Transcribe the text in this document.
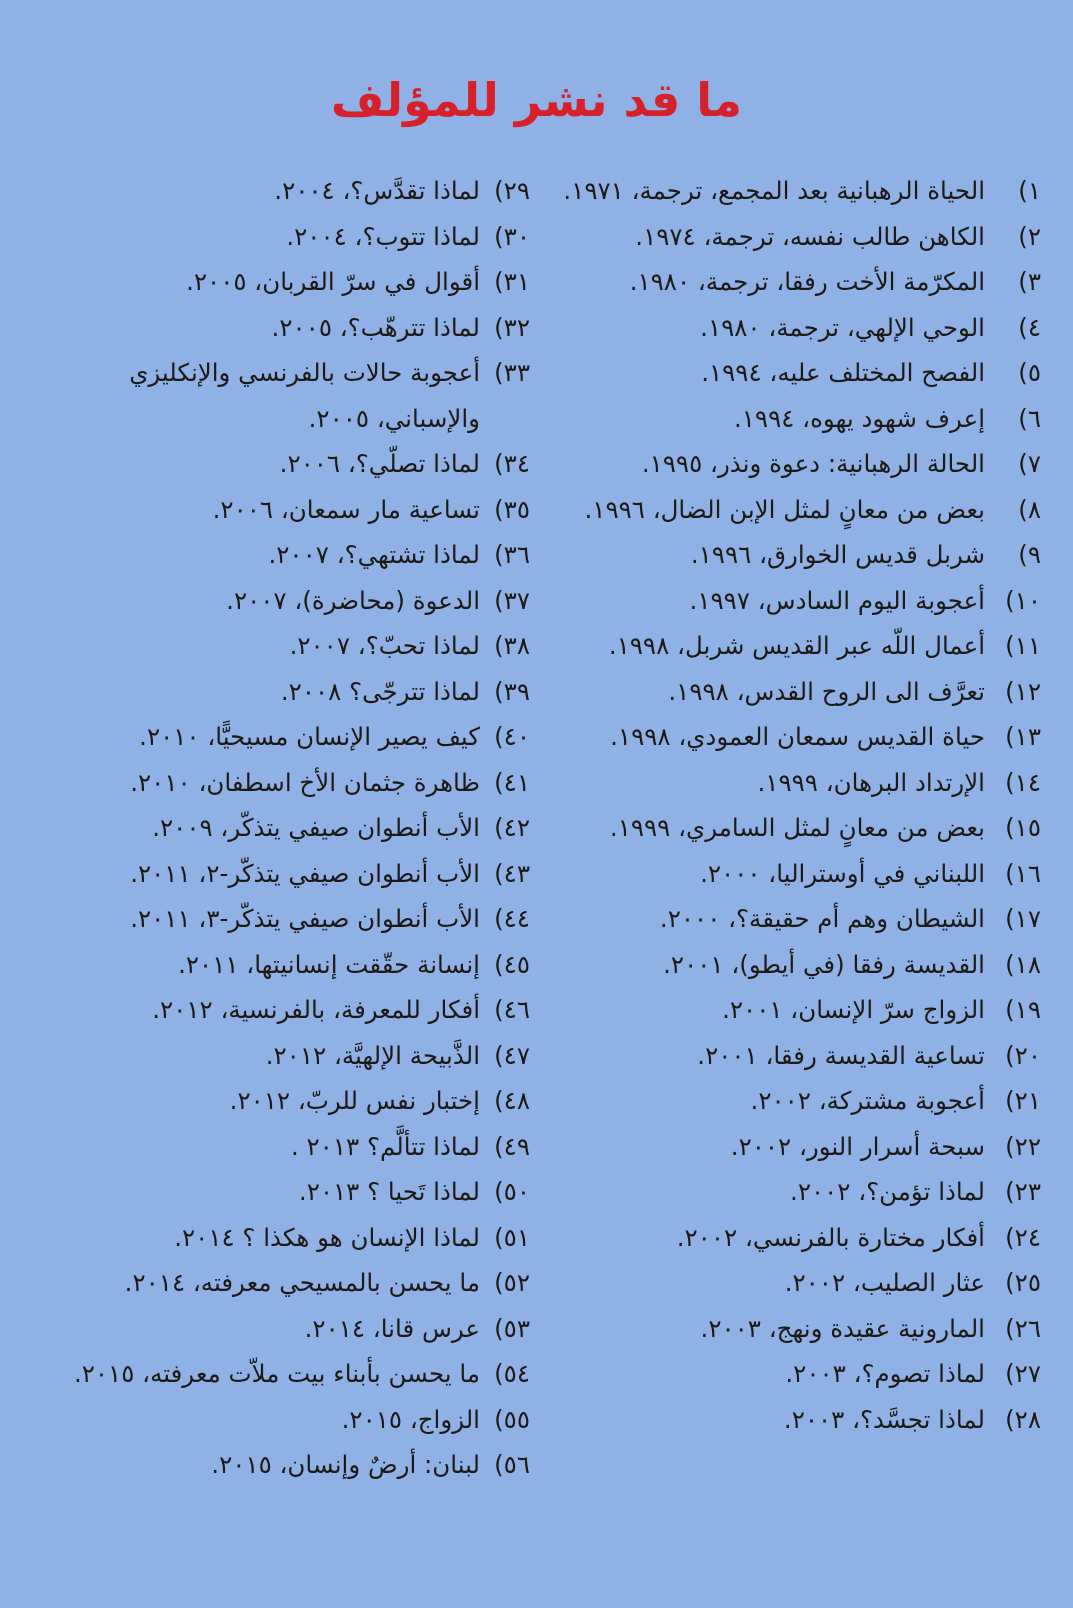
ما قد نشر للمؤلف
١)
الحياة الرهبانية بعد المجمع، ترجمة، ١٩٧١.
٢)
الكاهن طالب نفسه، ترجمة، ١٩٧٤.
٣)
المكرّمة الأخت رفقا، ترجمة، ١٩٨٠.
٤)
الوحي الإلهي، ترجمة، ١٩٨٠.
٥)
الفصح المختلف عليه، ١٩٩٤.
٦)
إعرف شهود يهوه، ١٩٩٤.
٧)
الحالة الرهبانية: دعوة ونذر، ١٩٩٥.
٨)
بعض من معانٍ لمثل الإبن الضال، ١٩٩٦.
٩)
شربل قديس الخوارق، ١٩٩٦.
١٠)
أعجوبة اليوم السادس، ١٩٩٧.
١١)
أعمال اللّه عبر القديس شربل، ١٩٩٨.
١٢)
تعرَّف الى الروح القدس، ١٩٩٨.
١٣)
حياة القديس سمعان العمودي، ١٩٩٨.
١٤)
الإرتداد البرهان، ١٩٩٩.
١٥)
بعض من معانٍ لمثل السامري، ١٩٩٩.
١٦)
اللبناني في أوستراليا، ٢٠٠٠.
١٧)
الشيطان وهم أم حقيقة؟، ٢٠٠٠.
١٨)
القديسة رفقا (في أيطو)، ٢٠٠١.
١٩)
الزواج سرّ الإنسان، ٢٠٠١.
٢٠)
تساعية القديسة رفقا، ٢٠٠١.
٢١)
أعجوبة مشتركة، ٢٠٠٢.
٢٢)
سبحة أسرار النور، ٢٠٠٢.
٢٣)
لماذا تؤمن؟، ٢٠٠٢.
٢٤)
أفكار مختارة بالفرنسي، ٢٠٠٢.
٢٥)
عثار الصليب، ٢٠٠٢.
٢٦)
المارونية عقيدة ونهج، ٢٠٠٣.
٢٧)
لماذا تصوم؟، ٢٠٠٣.
٢٨)
لماذا تجسَّد؟، ٢٠٠٣.
٢٩)
لماذا تقدَّس؟، ٢٠٠٤.
٣٠)
لماذا تتوب؟، ٢٠٠٤.
٣١)
أقوال في سرّ القربان، ٢٠٠٥.
٣٢)
لماذا تترهّب؟، ٢٠٠٥.
٣٣)
أعجوبة حالات بالفرنسي والإنكليزي والإسباني، ٢٠٠٥.
٣٤)
لماذا تصلّي؟، ٢٠٠٦.
٣٥)
تساعية مار سمعان، ٢٠٠٦.
٣٦)
لماذا تشتهي؟، ٢٠٠٧.
٣٧)
الدعوة (محاضرة)، ٢٠٠٧.
٣٨)
لماذا تحبّ؟، ٢٠٠٧.
٣٩)
لماذا تترجّى؟ ٢٠٠٨.
٤٠)
كيف يصير الإنسان مسيحيًّا، ٢٠١٠.
٤١)
ظاهرة جثمان الأخ اسطفان، ٢٠١٠.
٤٢)
الأب أنطوان صيفي يتذكّر، ٢٠٠٩.
٤٣)
الأب أنطوان صيفي يتذكّر-٢، ٢٠١١.
٤٤)
الأب أنطوان صيفي يتذكّر-٣، ٢٠١١.
٤٥)
إنسانة حقّقت إنسانيتها، ٢٠١١.
٤٦)
أفكار للمعرفة، بالفرنسية، ٢٠١٢.
٤٧)
الذَّبيحة الإلهيَّة، ٢٠١٢.
٤٨)
إختبار نفس للربّ، ٢٠١٢.
٤٩)
لماذا تتألَّم؟ ٢٠١٣ .
٥٠)
لماذا تَحيا ؟ ٢٠١٣.
٥١)
لماذا الإنسان هو هكذا ؟ ٢٠١٤.
٥٢)
ما يحسن بالمسيحي معرفته، ٢٠١٤.
٥٣)
عرس قانا، ٢٠١٤.
٥٤)
ما يحسن بأبناء بيت ملاّت معرفته، ٢٠١٥.
٥٥)
الزواج، ٢٠١٥.
٥٦)
لبنان: أرضٌ وإنسان، ٢٠١٥.
